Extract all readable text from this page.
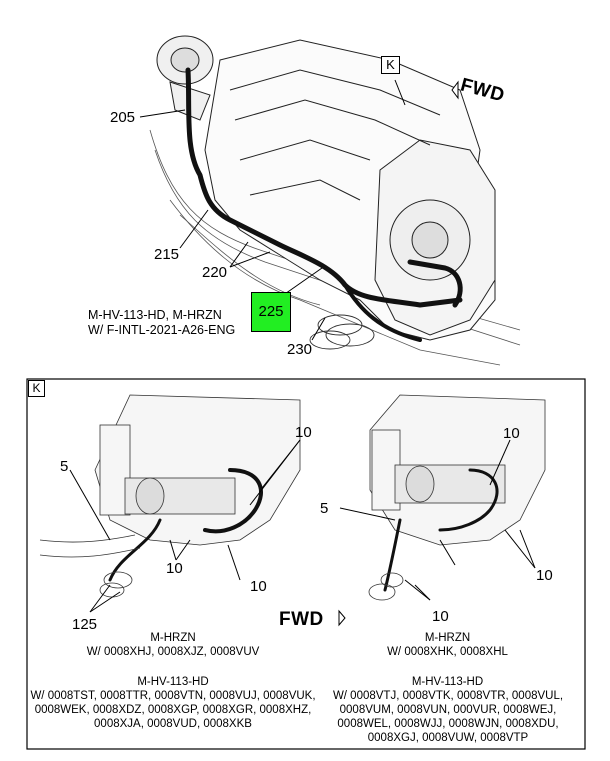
K
FWD
205
215
220
225
230
M-HV-113-HD, M-HRZN
W/ F-INTL-2021-A26-ENG
K
5
10
10
10
125
5
10
10
10
FWD
M-HRZN
W/ 0008XHJ, 0008XJZ, 0008VUV
M-HV-113-HD
W/ 0008TST, 0008TTR, 0008VTN, 0008VUJ, 0008VUK, 0008WEK, 0008XDZ, 0008XGP, 0008XGR, 0008XHZ, 0008XJA, 0008VUD, 0008XKB
M-HRZN
W/ 0008XHK, 0008XHL
M-HV-113-HD
W/ 0008VTJ, 0008VTK, 0008VTR, 0008VUL, 0008VUM, 0008VUN, 000VUR, 0008WEJ, 0008WEL, 0008WJJ, 0008WJN, 0008XDU, 0008XGJ, 0008VUW, 0008VTP
